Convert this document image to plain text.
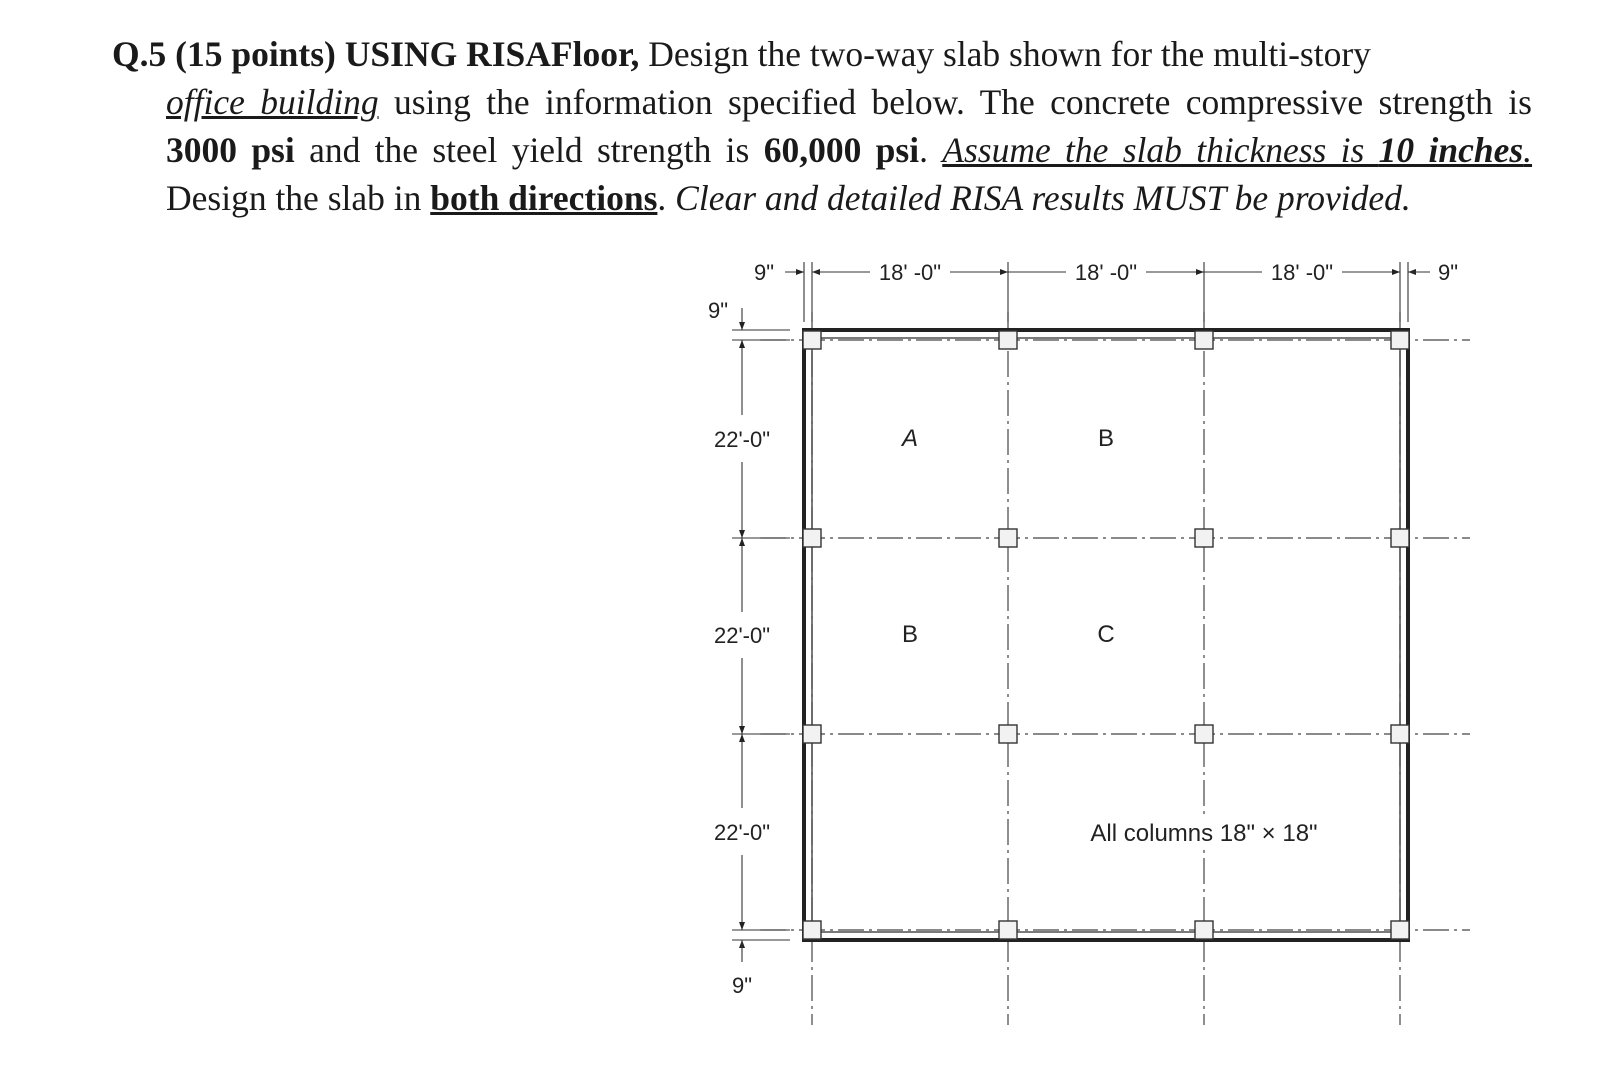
Q.5 (15 points) USING RISAFloor, Design the two-way slab shown for the multi-story

office building using the information specified below. The concrete compressive strength is 3000 psi and the steel yield strength is 60,000 psi. Assume the slab thickness is 10 inches. Design the slab in both directions. Clear and detailed RISA results MUST be provided.

9"	18' -0"	18' -0"	18' -0"	9"
9"
22'-0"
22'-0"
22'-0"
9"
A	B
B	C
All columns 18" × 18"
